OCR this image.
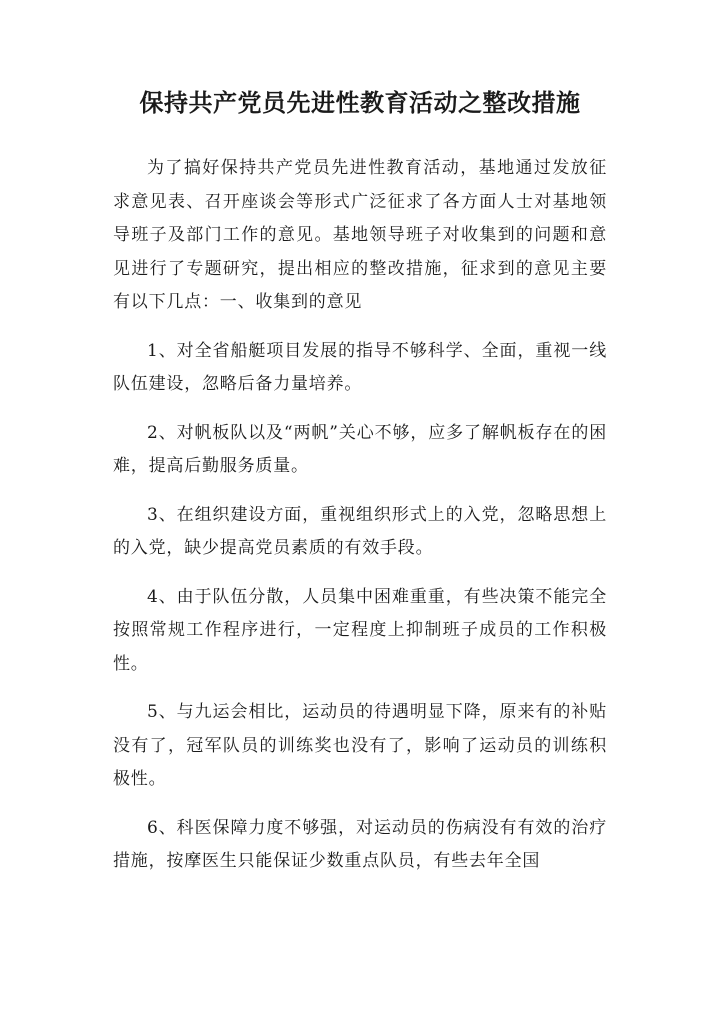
保持共产党员先进性教育活动之整改措施

为了搞好保持共产党员先进性教育活动，基地通过发放征求意见表、召开座谈会等形式广泛征求了各方面人士对基地领导班子及部门工作的意见。基地领导班子对收集到的问题和意见进行了专题研究，提出相应的整改措施，征求到的意见主要有以下几点：一、收集到的意见

1、对全省船艇项目发展的指导不够科学、全面，重视一线队伍建设，忽略后备力量培养。

2、对帆板队以及“两帆”关心不够，应多了解帆板存在的困难，提高后勤服务质量。

3、在组织建设方面，重视组织形式上的入党，忽略思想上的入党，缺少提高党员素质的有效手段。

4、由于队伍分散，人员集中困难重重，有些决策不能完全按照常规工作程序进行，一定程度上抑制班子成员的工作积极性。

5、与九运会相比，运动员的待遇明显下降，原来有的补贴没有了，冠军队员的训练奖也没有了，影响了运动员的训练积极性。

6、科医保障力度不够强，对运动员的伤病没有有效的治疗措施，按摩医生只能保证少数重点队员，有些去年全国
